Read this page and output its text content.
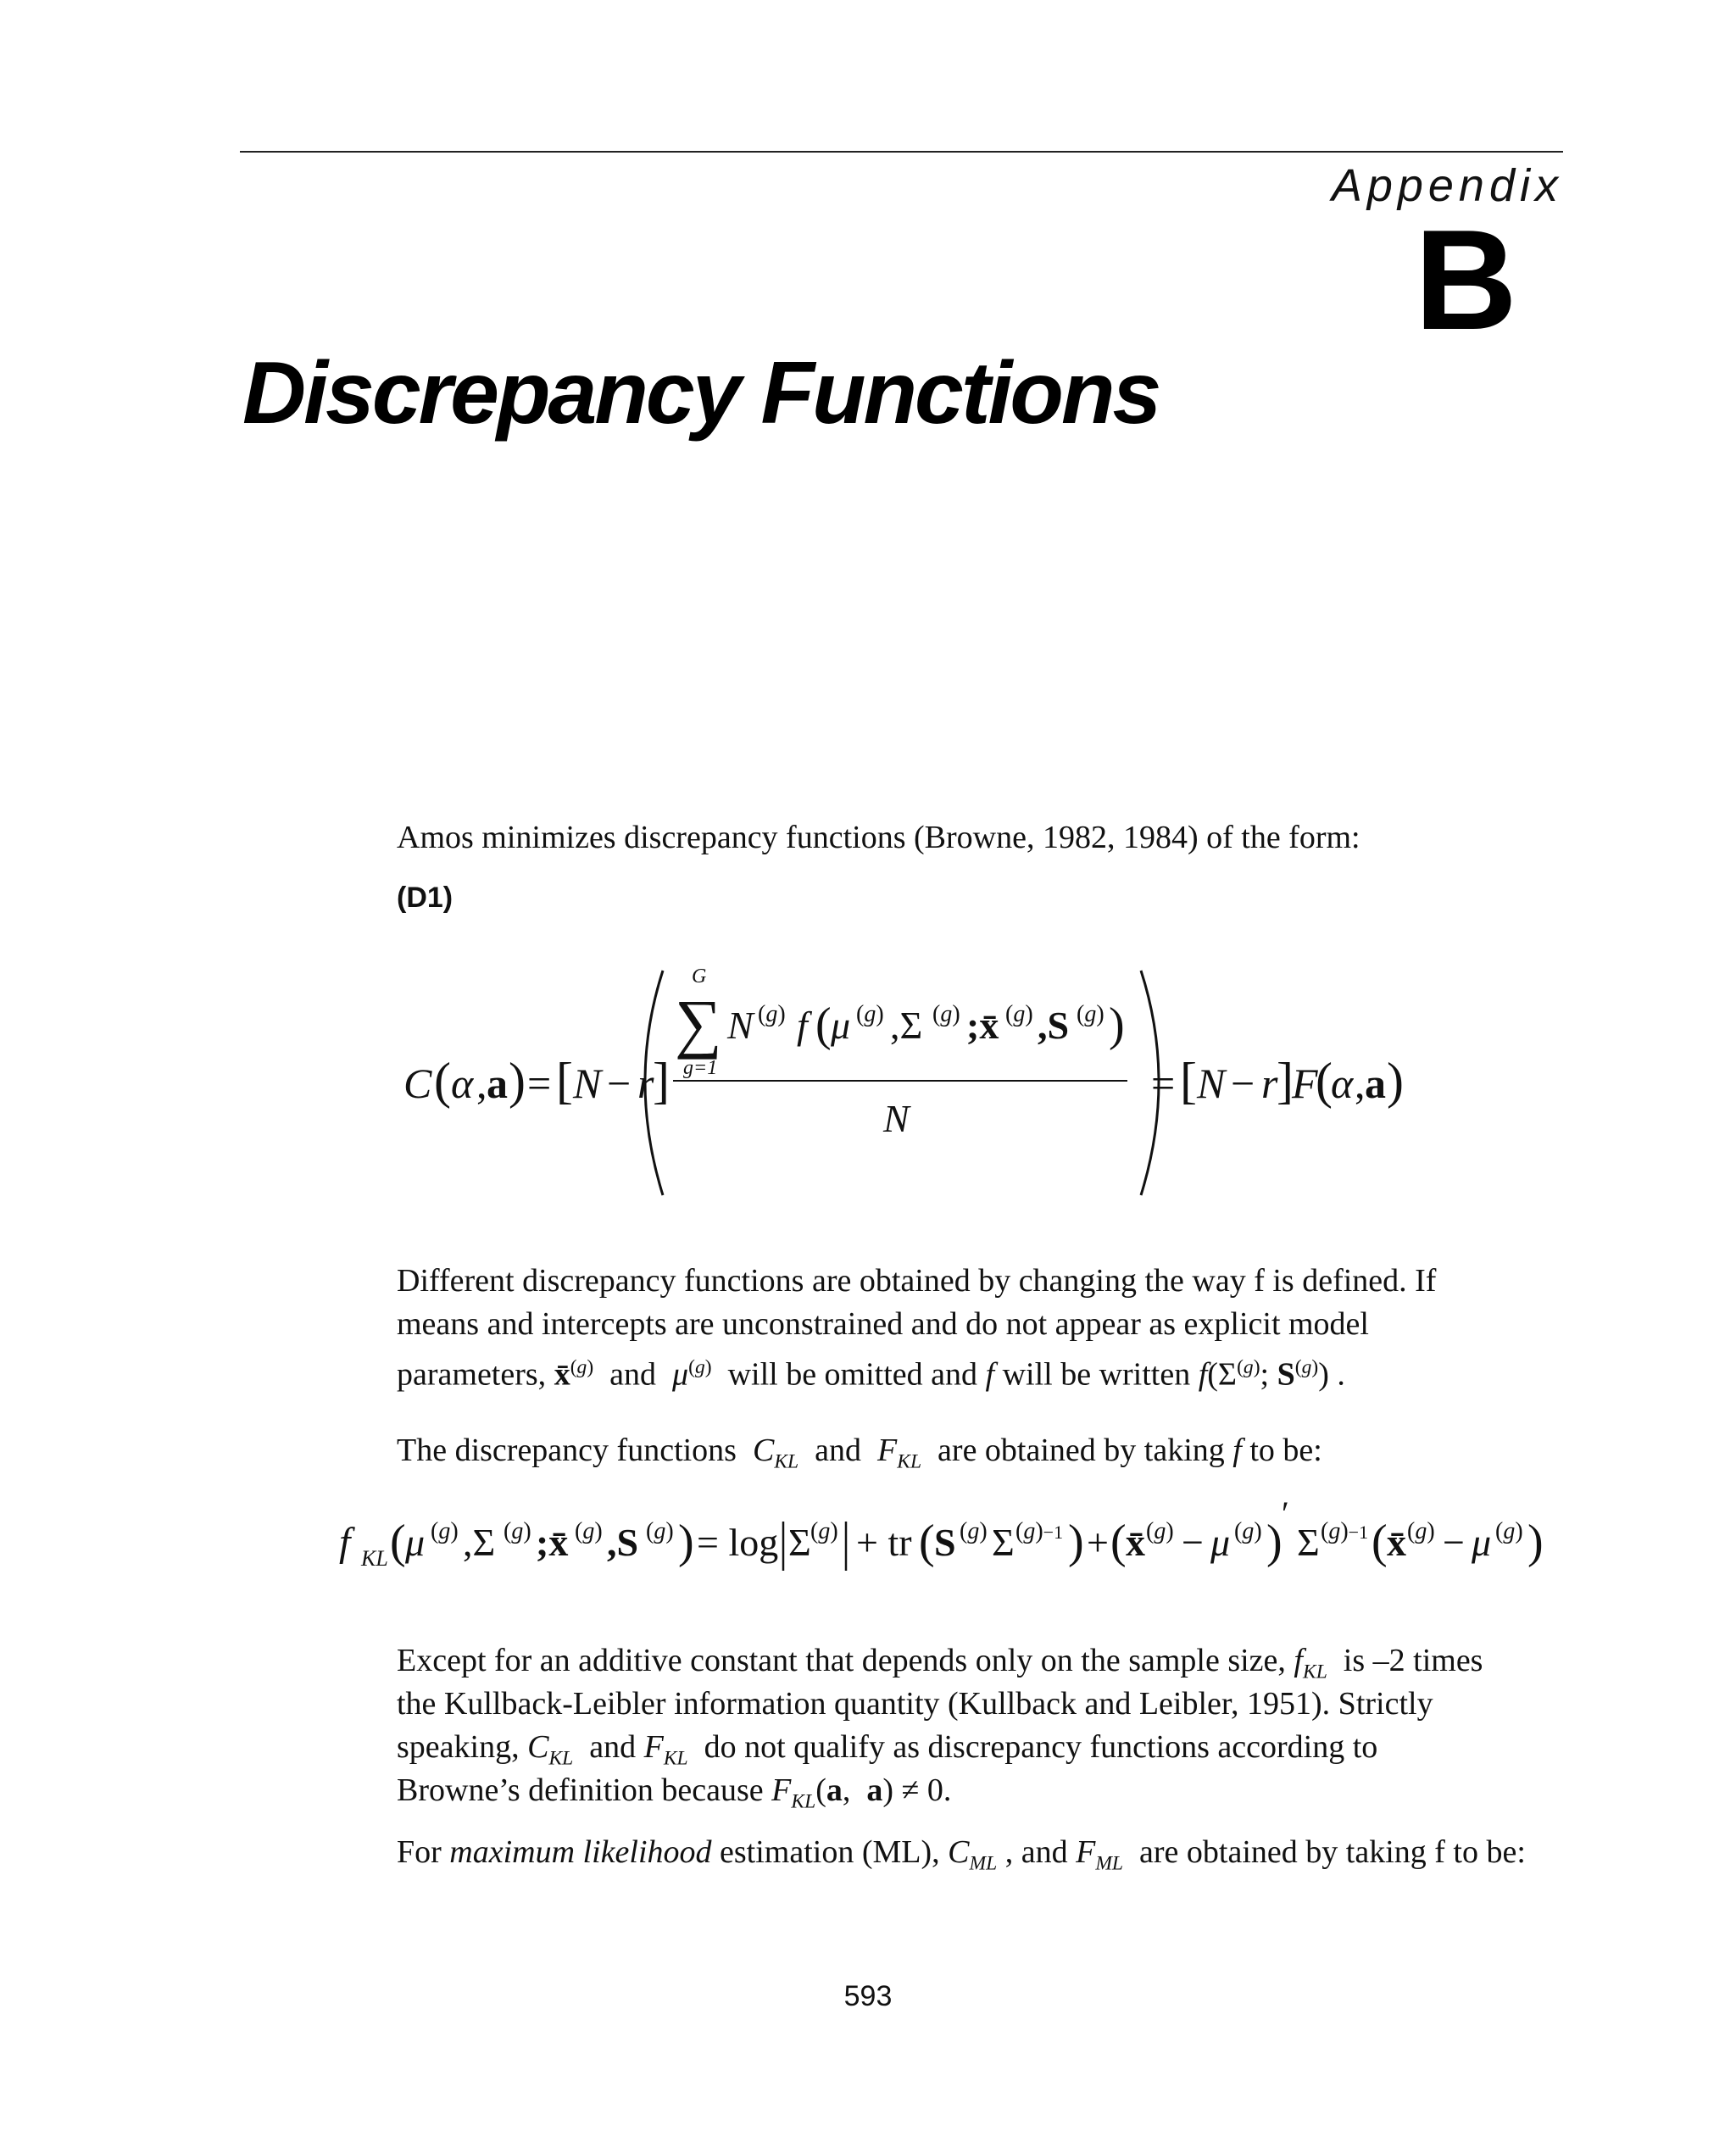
Appendix
B
Discrepancy Functions
Amos minimizes discrepancy functions (Browne, 1982, 1984) of the form:
(D1)
C ( α , a ) = [ N − r
]
G
∑
g=1
N (g) f ( μ (g) ,Σ (g) ;x̄ (g) ,S (g) )
N
= [ N − r
]
F
(
α , a )
Different discrepancy functions are obtained by changing the way f is defined. If
means and intercepts are unconstrained and do not appear as explicit model
parameters, x̄$^{(g)}$  and  $\mu^{(g)}$  will be omitted and f will be written $f(\Sigma^{(g)}$; $S^{(g)}$) .
The discrepancy functions $C_{KL}$  and  $F_{KL}$  are obtained by taking f to be:
f KL ( μ (g) ,Σ (g) ;x̄ (g) ,S (g) ) = log Σ (g) + tr ( S (g) Σ (g)−1 ) + ( x̄ (g) − μ (g) )
′
Σ (g)−1 ( x̄ (g) − μ (g) )
Except for an additive constant that depends only on the sample size, $f_{KL}$  is –2 times
the Kullback-Leibler information quantity (Kullback and Leibler, 1951). Strictly
speaking, $C_{KL}$  and $F_{KL}$ do not qualify as discrepancy functions according to
Browne’s definition because $F_{KL}(a$,  a) ≠ 0.
For maximum likelihood estimation (ML), $C_{ML}$ , and $F_{ML}$ are obtained by taking f to be:
593
